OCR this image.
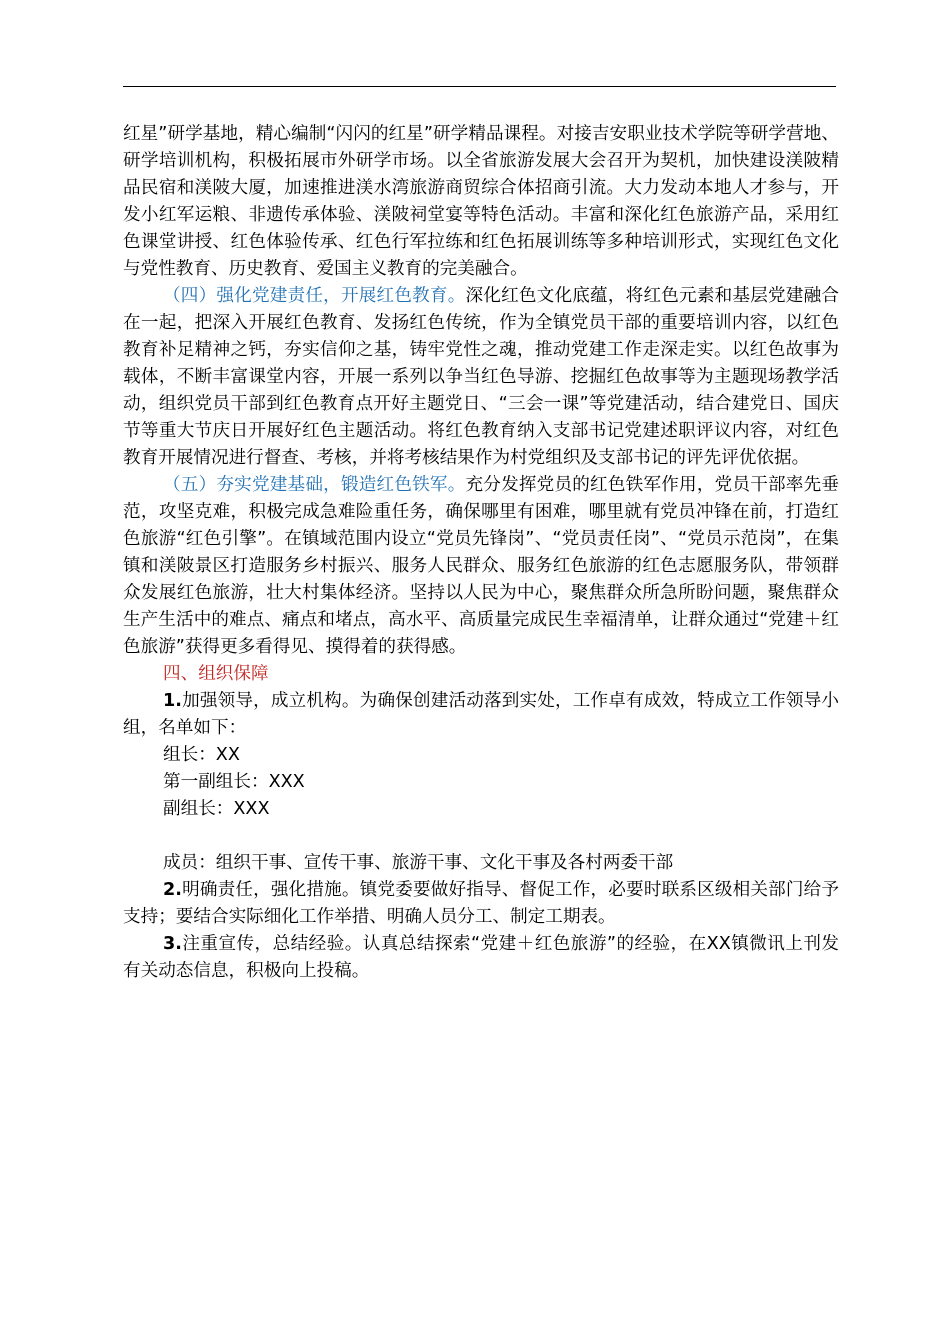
红星”研学基地，精心编制“闪闪的红星”研学精品课程。对接吉安职业技术学院等研学营地、研学培训机构，积极拓展市外研学市场。以全省旅游发展大会召开为契机，加快建设渼陂精品民宿和渼陂大厦，加速推进渼水湾旅游商贸综合体招商引流。大力发动本地人才参与，开发小红军运粮、非遗传承体验、渼陂祠堂宴等特色活动。丰富和深化红色旅游产品，采用红色课堂讲授、红色体验传承、红色行军拉练和红色拓展训练等多种培训形式，实现红色文化与党性教育、历史教育、爱国主义教育的完美融合。

（四）强化党建责任，开展红色教育。深化红色文化底蕴，将红色元素和基层党建融合在一起，把深入开展红色教育、发扬红色传统，作为全镇党员干部的重要培训内容，以红色教育补足精神之钙，夯实信仰之基，铸牢党性之魂，推动党建工作走深走实。以红色故事为载体，不断丰富课堂内容，开展一系列以争当红色导游、挖掘红色故事等为主题现场教学活动，组织党员干部到红色教育点开好主题党日、“三会一课”等党建活动，结合建党日、国庆节等重大节庆日开展好红色主题活动。将红色教育纳入支部书记党建述职评议内容，对红色教育开展情况进行督查、考核，并将考核结果作为村党组织及支部书记的评先评优依据。

（五）夯实党建基础，锻造红色铁军。充分发挥党员的红色铁军作用，党员干部率先垂范，攻坚克难，积极完成急难险重任务，确保哪里有困难，哪里就有党员冲锋在前，打造红色旅游“红色引擎”。在镇域范围内设立“党员先锋岗”、“党员责任岗”、“党员示范岗”，在集镇和渼陂景区打造服务乡村振兴、服务人民群众、服务红色旅游的红色志愿服务队，带领群众发展红色旅游，壮大村集体经济。坚持以人民为中心，聚焦群众所急所盼问题，聚焦群众生产生活中的难点、痛点和堵点，高水平、高质量完成民生幸福清单，让群众通过“党建＋红色旅游”获得更多看得见、摸得着的获得感。

四、组织保障

1.加强领导，成立机构。为确保创建活动落到实处，工作卓有成效，特成立工作领导小组，名单如下：

组长：XX

第一副组长：XXX

副组长：XXX

成员：组织干事、宣传干事、旅游干事、文化干事及各村两委干部

2.明确责任，强化措施。镇党委要做好指导、督促工作，必要时联系区级相关部门给予支持；要结合实际细化工作举措、明确人员分工、制定工期表。

3.注重宣传，总结经验。认真总结探索“党建＋红色旅游”的经验，在XX镇微讯上刊发有关动态信息，积极向上投稿。
